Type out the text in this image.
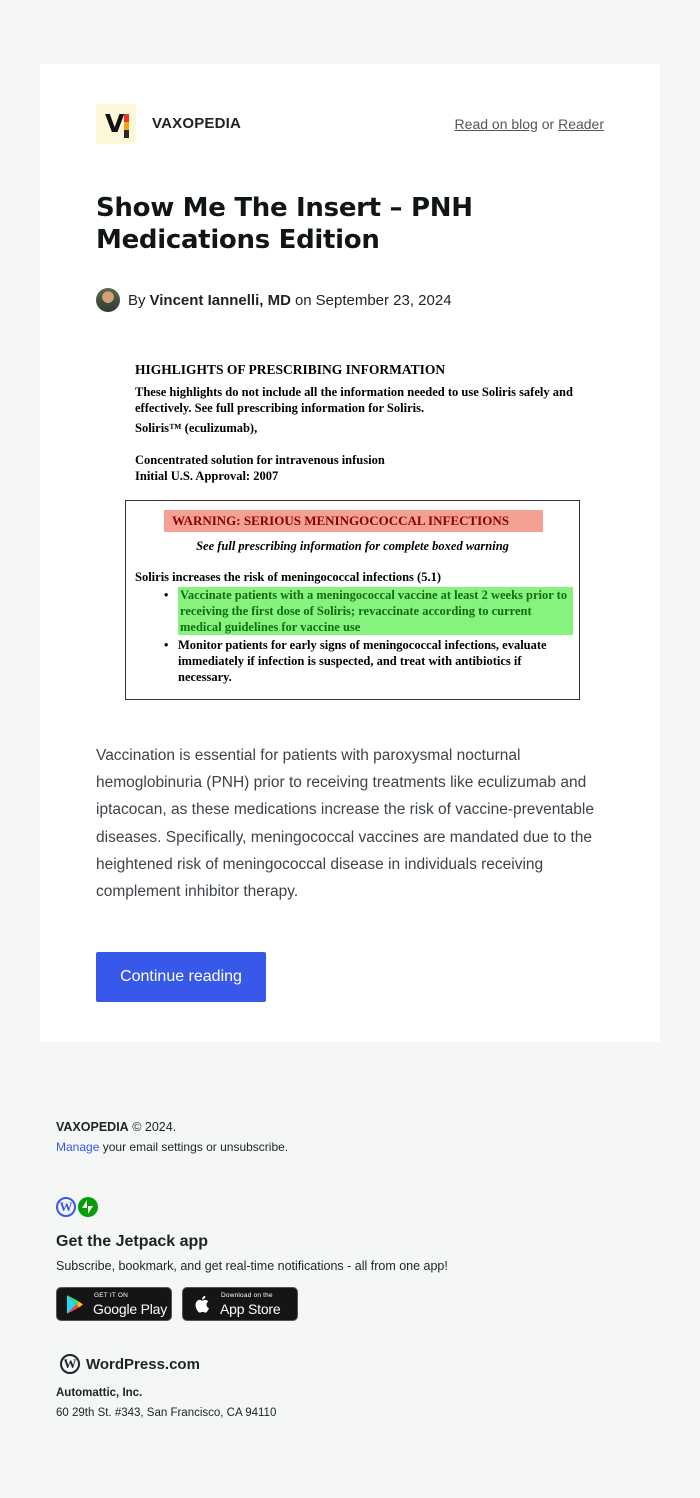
V VAXOPEDIA	Read on blog or Reader
Show Me The Insert – PNH Medications Edition
By Vincent Iannelli, MD on September 23, 2024
HIGHLIGHTS OF PRESCRIBING INFORMATION
These highlights do not include all the information needed to use Soliris safely and effectively. See full prescribing information for Soliris.
Soliris™ (eculizumab),
Concentrated solution for intravenous infusion
Initial U.S. Approval: 2007
WARNING: SERIOUS MENINGOCOCCAL INFECTIONS
See full prescribing information for complete boxed warning
Soliris increases the risk of meningococcal infections (5.1)
• Vaccinate patients with a meningococcal vaccine at least 2 weeks prior to receiving the first dose of Soliris; revaccinate according to current medical guidelines for vaccine use
• Monitor patients for early signs of meningococcal infections, evaluate immediately if infection is suspected, and treat with antibiotics if necessary.

Vaccination is essential for patients with paroxysmal nocturnal hemoglobinuria (PNH) prior to receiving treatments like eculizumab and iptacocan, as these medications increase the risk of vaccine-preventable diseases. Specifically, meningococcal vaccines are mandated due to the heightened risk of meningococcal disease in individuals receiving complement inhibitor therapy.

Continue reading
VAXOPEDIA © 2024.
Manage your email settings or unsubscribe.
W
Get the Jetpack app
Subscribe, bookmark, and get real-time notifications - all from one app!
GET IT ON
Google Play
Download on the
App Store
W WordPress.com
Automattic, Inc.
60 29th St. #343, San Francisco, CA 94110
